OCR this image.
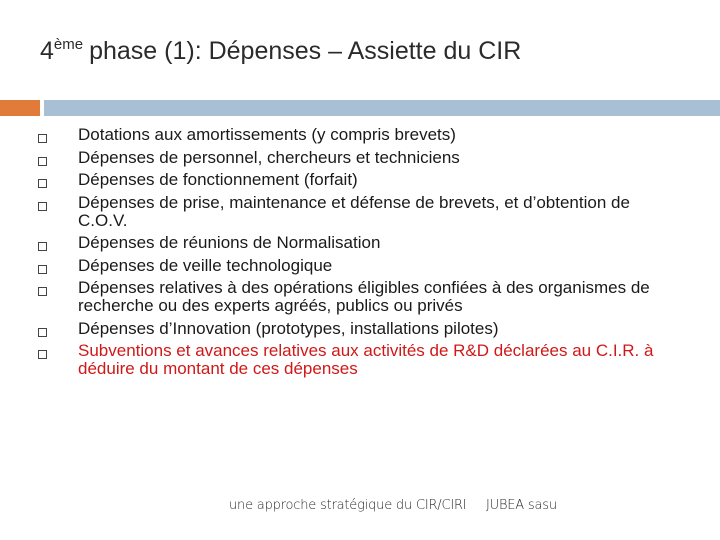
4ème phase (1): Dépenses – Assiette du CIR
Dotations aux amortissements (y compris brevets)
Dépenses de personnel, chercheurs et techniciens
Dépenses de fonctionnement (forfait)
Dépenses de prise, maintenance et défense de brevets, et d’obtention de C.O.V.
Dépenses de réunions de Normalisation
Dépenses de veille technologique
Dépenses relatives à des opérations éligibles confiées à des organismes de recherche ou des experts agréés, publics ou privés
Dépenses d’Innovation (prototypes, installations pilotes)
Subventions et avances relatives aux activités de R&D déclarées au C.I.R. à déduire du montant de ces dépenses
une approche stratégique du CIR/CIRI JUBEA sasu
